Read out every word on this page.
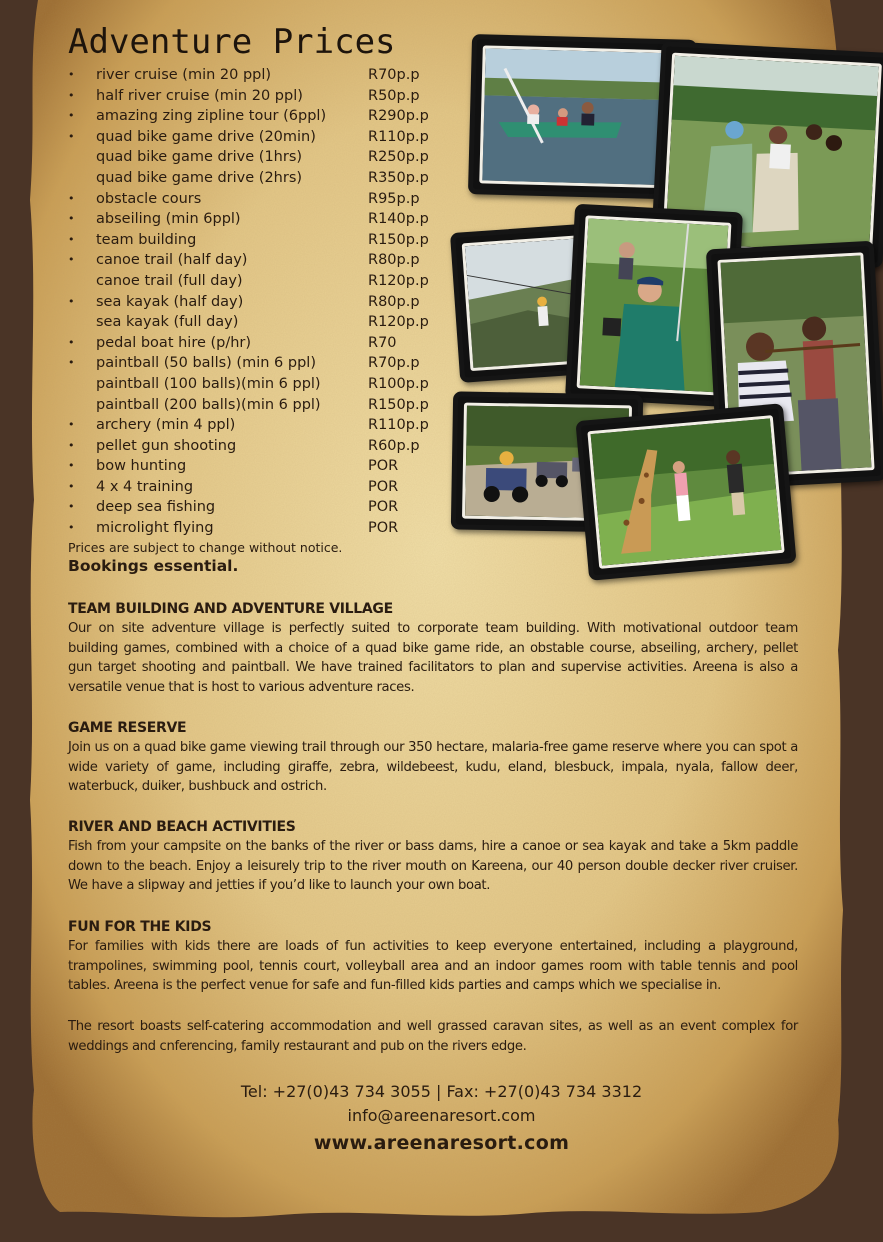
Adventure Prices
•	river cruise (min 20 ppl)	R70p.p
•	half river cruise (min 20 ppl)	R50p.p
•	amazing zing zipline tour (6ppl)	R290p.p
•	quad bike game drive (20min)	R110p.p
quad bike game drive (1hrs)	R250p.p
quad bike game drive (2hrs)	R350p.p
•	obstacle cours	R95p.p
•	abseiling (min 6ppl)	R140p.p
•	team building	R150p.p
•	canoe trail (half day)	R80p.p
canoe trail (full day)	R120p.p
•	sea kayak (half day)	R80p.p
sea kayak (full day)	R120p.p
•	pedal boat hire (p/hr)	R70
•	paintball (50 balls) (min 6 ppl)	R70p.p
paintball (100 balls)(min 6 ppl)	R100p.p
paintball (200 balls)(min 6 ppl)	R150p.p
•	archery (min 4 ppl)	R110p.p
•	pellet gun shooting	R60p.p
•	bow hunting	POR
•	4 x 4 training	POR
•	deep sea fishing	POR
•	microlight flying	POR

Prices are subject to change without notice.

Bookings essential.

TEAM BUILDING AND ADVENTURE VILLAGE

Our on site adventure village is perfectly suited to corporate team building. With motivational outdoor team building games, combined with a choice of a quad bike game ride, an obstable course, abseiling, archery, pellet gun target shooting and paintball. We have trained facilitators to plan and supervise activities. Areena is also a versatile venue that is host to various adventure races.

GAME RESERVE

Join us on a quad bike game viewing trail through our 350 hectare, malaria-free game reserve where you can spot a wide variety of game, including giraffe, zebra, wildebeest, kudu, eland, blesbuck, impala, nyala, fallow deer, waterbuck, duiker, bushbuck and ostrich.

RIVER AND BEACH ACTIVITIES

Fish from your campsite on the banks of the river or bass dams, hire a canoe or sea kayak and take a 5km paddle down to the beach. Enjoy a leisurely trip to the river mouth on Kareena, our 40 person double decker river cruiser. We have a slipway and jetties if you’d like to launch your own boat.

FUN FOR THE KIDS

For families with kids there are loads of fun activities to keep everyone entertained, including a playground, trampolines, swimming pool, tennis court, volleyball area and an indoor games room with table tennis and pool tables. Areena is the perfect venue for safe and fun-filled kids parties and camps which we specialise in.

The resort boasts self-catering accommodation and well grassed caravan sites, as well as an event complex for weddings and cnferencing, family restaurant and pub on the rivers edge.

Tel: +27(0)43 734 3055 | Fax: +27(0)43 734 3312
info@areenaresort.com
www.areenaresort.com
